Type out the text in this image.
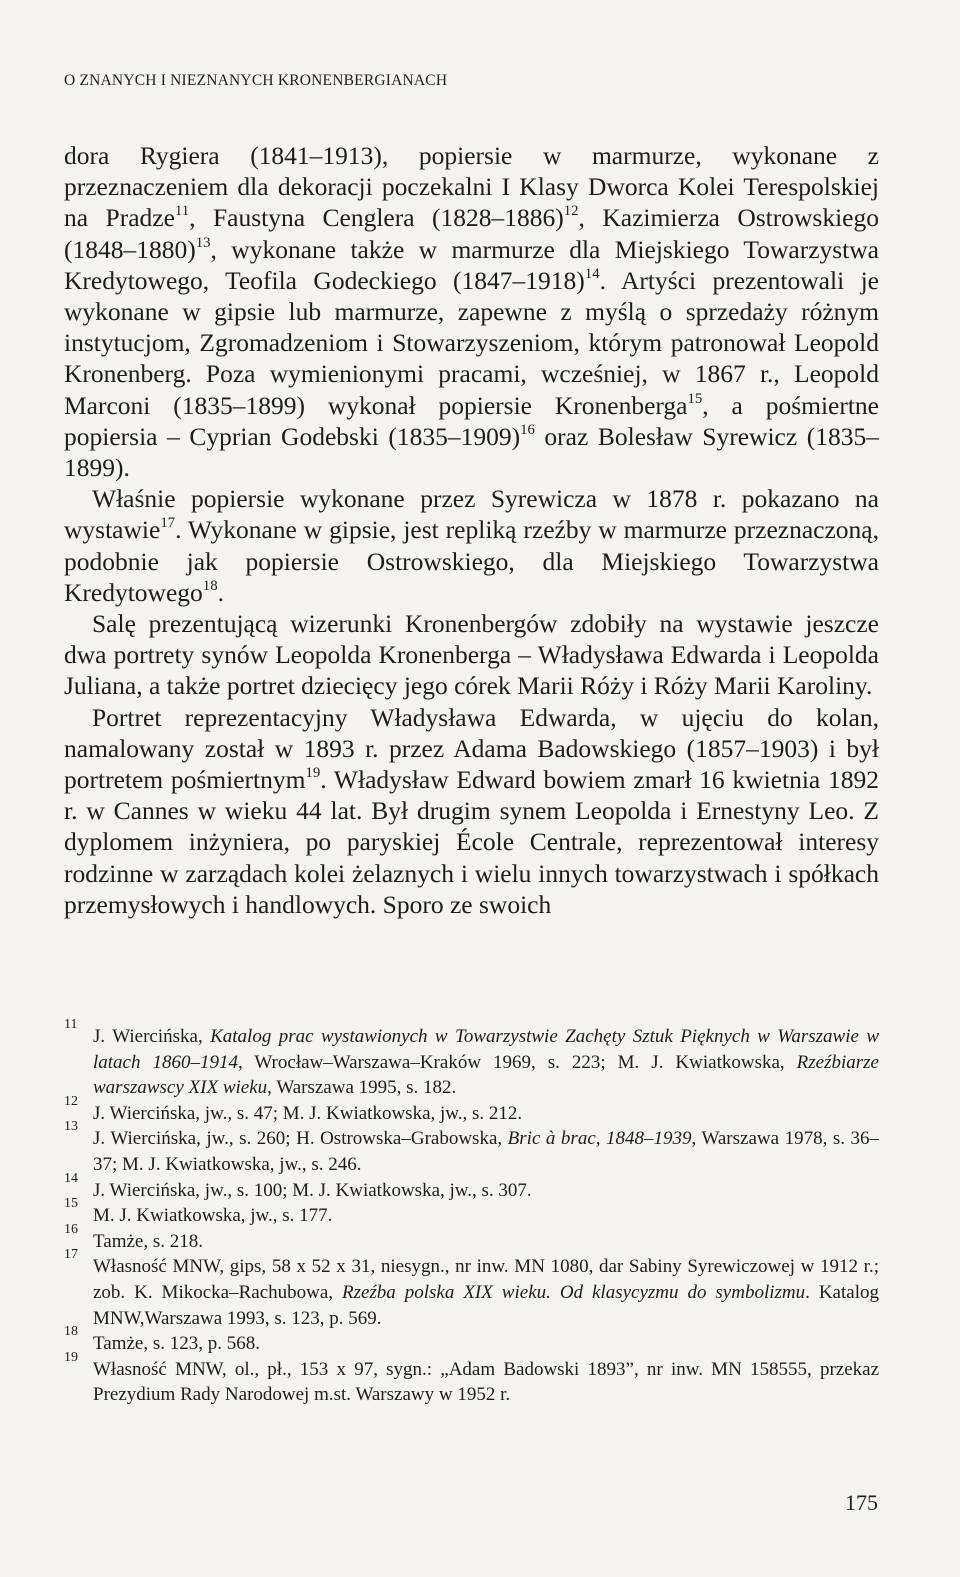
O ZNANYCH I NIEZNANYCH KRONENBERGIANACH

dora Rygiera (1841–1913), popiersie w marmurze, wykonane z przeznaczeniem dla dekoracji poczekalni I Klasy Dworca Kolei Terespolskiej na Pradze$^{11}$, Faustyna Cenglera (1828–1886)$^{12}$, Kazimierza Ostrowskiego (1848–1880)$^{13}$, wykonane także w marmurze dla Miejskiego Towarzystwa Kredytowego, Teofila Godeckiego (1847–1918)$^{14}$. Artyści prezentowali je wykonane w gipsie lub marmurze, zapewne z myślą o sprzedaży różnym instytucjom, Zgromadzeniom i Stowarzyszeniom, którym patronował Leopold Kronenberg. Poza wymienionymi pracami, wcześniej, w 1867 r., Leopold Marconi (1835–1899) wykonał popiersie Kronenberga$^{15}$, a pośmiertne popiersia – Cyprian Godebski (1835–1909)$^{16}$ oraz Bolesław Syrewicz (1835–1899).

Właśnie popiersie wykonane przez Syrewicza w 1878 r. pokazano na wystawie$^{17}$. Wykonane w gipsie, jest repliką rzeźby w marmurze przeznaczoną, podobnie jak popiersie Ostrowskiego, dla Miejskiego Towarzystwa Kredytowego$^{18}$.

Salę prezentującą wizerunki Kronenbergów zdobiły na wystawie jeszcze dwa portrety synów Leopolda Kronenberga – Władysława Edwarda i Leopolda Juliana, a także portret dziecięcy jego córek Marii Róży i Róży Marii Karoliny.

Portret reprezentacyjny Władysława Edwarda, w ujęciu do kolan, namalowany został w 1893 r. przez Adama Badowskiego (1857–1903) i był portretem pośmiertnym$^{19}$. Władysław Edward bowiem zmarł 16 kwietnia 1892 r. w Cannes w wieku 44 lat. Był drugim synem Leopolda i Ernestyny Leo. Z dyplomem inżyniera, po paryskiej École Centrale, reprezentował interesy rodzinne w zarządach kolei żelaznych i wielu innych towarzystwach i spółkach przemysłowych i handlowych. Sporo ze swoich

11
J. Wiercińska, Katalog prac wystawionych w Towarzystwie Zachęty Sztuk Pięknych w Warszawie w latach 1860–1914, Wrocław–Warszawa–Kraków 1969, s. 223; M. J. Kwiatkowska, Rzeźbiarze warszawscy XIX wieku, Warszawa 1995, s. 182.
12
J. Wiercińska, jw., s. 47; M. J. Kwiatkowska, jw., s. 212.
13
J. Wiercińska, jw., s. 260; H. Ostrowska–Grabowska, Bric à brac, 1848–1939, Warszawa 1978, s. 36–37; M. J. Kwiatkowska, jw., s. 246.
14
J. Wiercińska, jw., s. 100; M. J. Kwiatkowska, jw., s. 307.
15
M. J. Kwiatkowska, jw., s. 177.
16
Tamże, s. 218.
17
Własność MNW, gips, 58 x 52 x 31, niesygn., nr inw. MN 1080, dar Sabiny Syrewiczowej w 1912 r.; zob. K. Mikocka–Rachubowa, Rzeźba polska XIX wieku. Od klasycyzmu do symbolizmu. Katalog MNW,Warszawa 1993, s. 123, p. 569.
18
Tamże, s. 123, p. 568.
19
Własność MNW, ol., pł., 153 x 97, sygn.: „Adam Badowski 1893”, nr inw. MN 158555, przekaz Prezydium Rady Narodowej m.st. Warszawy w 1952 r.
175
